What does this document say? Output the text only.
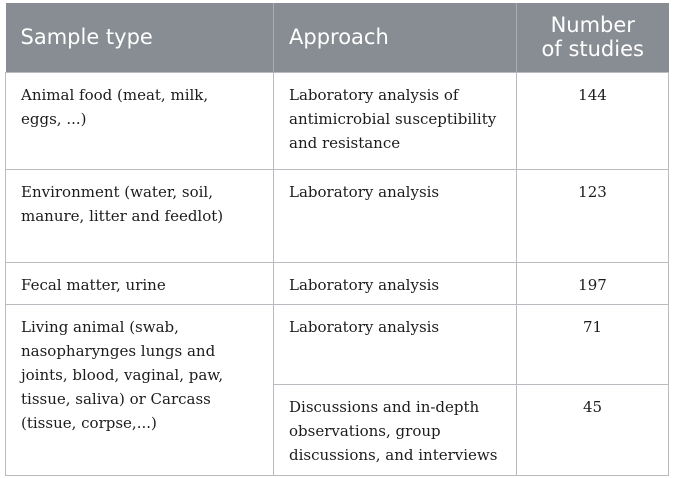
Sample type	Approach	Number
of studies

Animal food (meat, milk,
eggs, ...)	Laboratory analysis of
antimicrobial susceptibility
and resistance	144

Environment (water, soil,
manure, litter and feedlot)	Laboratory analysis	123

Fecal matter, urine	Laboratory analysis	197

Living animal (swab,
nasopharynges lungs and
joints, blood, vaginal, paw,
tissue, saliva) or Carcass
(tissue, corpse,...)	Laboratory analysis	71

	Discussions and in-depth
observations, group
discussions, and interviews	45
